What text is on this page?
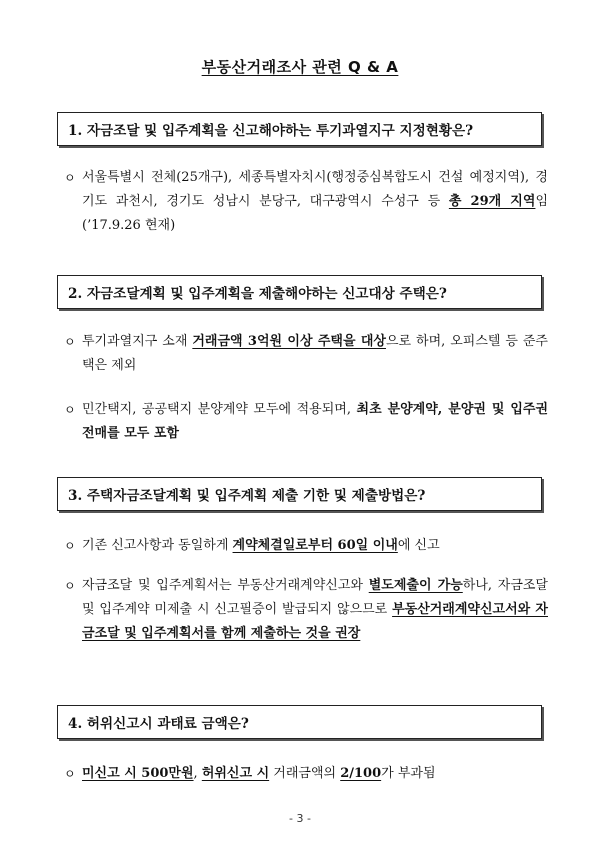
부동산거래조사 관련 Q & A
1. 자금조달 및 입주계획을 신고해야하는 투기과열지구 지정현황은?
ㅇ 서울특별시 전체(25개구), 세종특별자치시(행정중심복합도시 건설 예정지역), 경기도 과천시, 경기도 성남시 분당구, 대구광역시 수성구 등 총 29개 지역임(’17.9.26 현재)
2. 자금조달계획 및 입주계획을 제출해야하는 신고대상 주택은?
ㅇ 투기과열지구 소재 거래금액 3억원 이상 주택을 대상으로 하며, 오피스텔 등 준주택은 제외
ㅇ 민간택지, 공공택지 분양계약 모두에 적용되며, 최초 분양계약, 분양권 및 입주권 전매를 모두 포함
3. 주택자금조달계획 및 입주계획 제출 기한 및 제출방법은?
ㅇ 기존 신고사항과 동일하게 계약체결일로부터 60일 이내에 신고
ㅇ 자금조달 및 입주계획서는 부동산거래계약신고와 별도제출이 가능하나, 자금조달 및 입주계약 미제출 시 신고필증이 발급되지 않으므로 부동산거래계약신고서와 자금조달 및 입주계획서를 함께 제출하는 것을 권장
4. 허위신고시 과태료 금액은?
ㅇ 미신고 시 500만원, 허위신고 시 거래금액의 2/100가 부과됨
- 3 -
